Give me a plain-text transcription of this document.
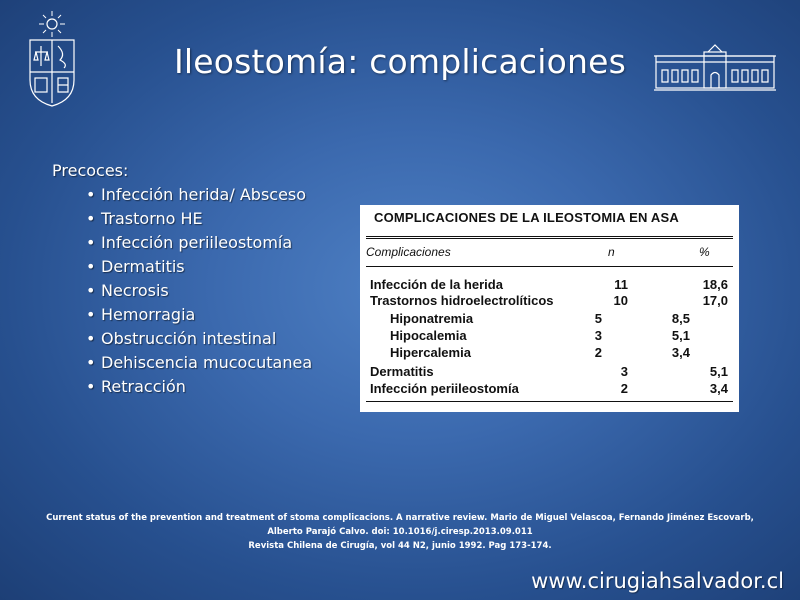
Ileostomía: complicaciones
Precoces:
• Infección herida/ Absceso
• Trastorno HE
• Infección periileostomía
• Dermatitis
• Necrosis
• Hemorragia
• Obstrucción intestinal
• Dehiscencia mucocutanea
• Retracción
COMPLICACIONES DE LA ILEOSTOMIA EN ASA
Complicaciones	n	%
Infección de la herida	11	18,6
Trastornos hidroelectrolíticos	10	17,0
Hiponatremia	5	8,5
Hipocalemia	3	5,1
Hipercalemia	2	3,4
Dermatitis	3	5,1
Infección periileostomía	2	3,4
Current status of the prevention and treatment of stoma complicacions. A narrative review. Mario de Miguel Velascoa, Fernando Jiménez Escovarb,
Alberto Parajó Calvo. doi: 10.1016/j.ciresp.2013.09.011
Revista Chilena de Cirugía, vol 44 N2, junio 1992. Pag 173-174.
www.cirugiahsalvador.cl
